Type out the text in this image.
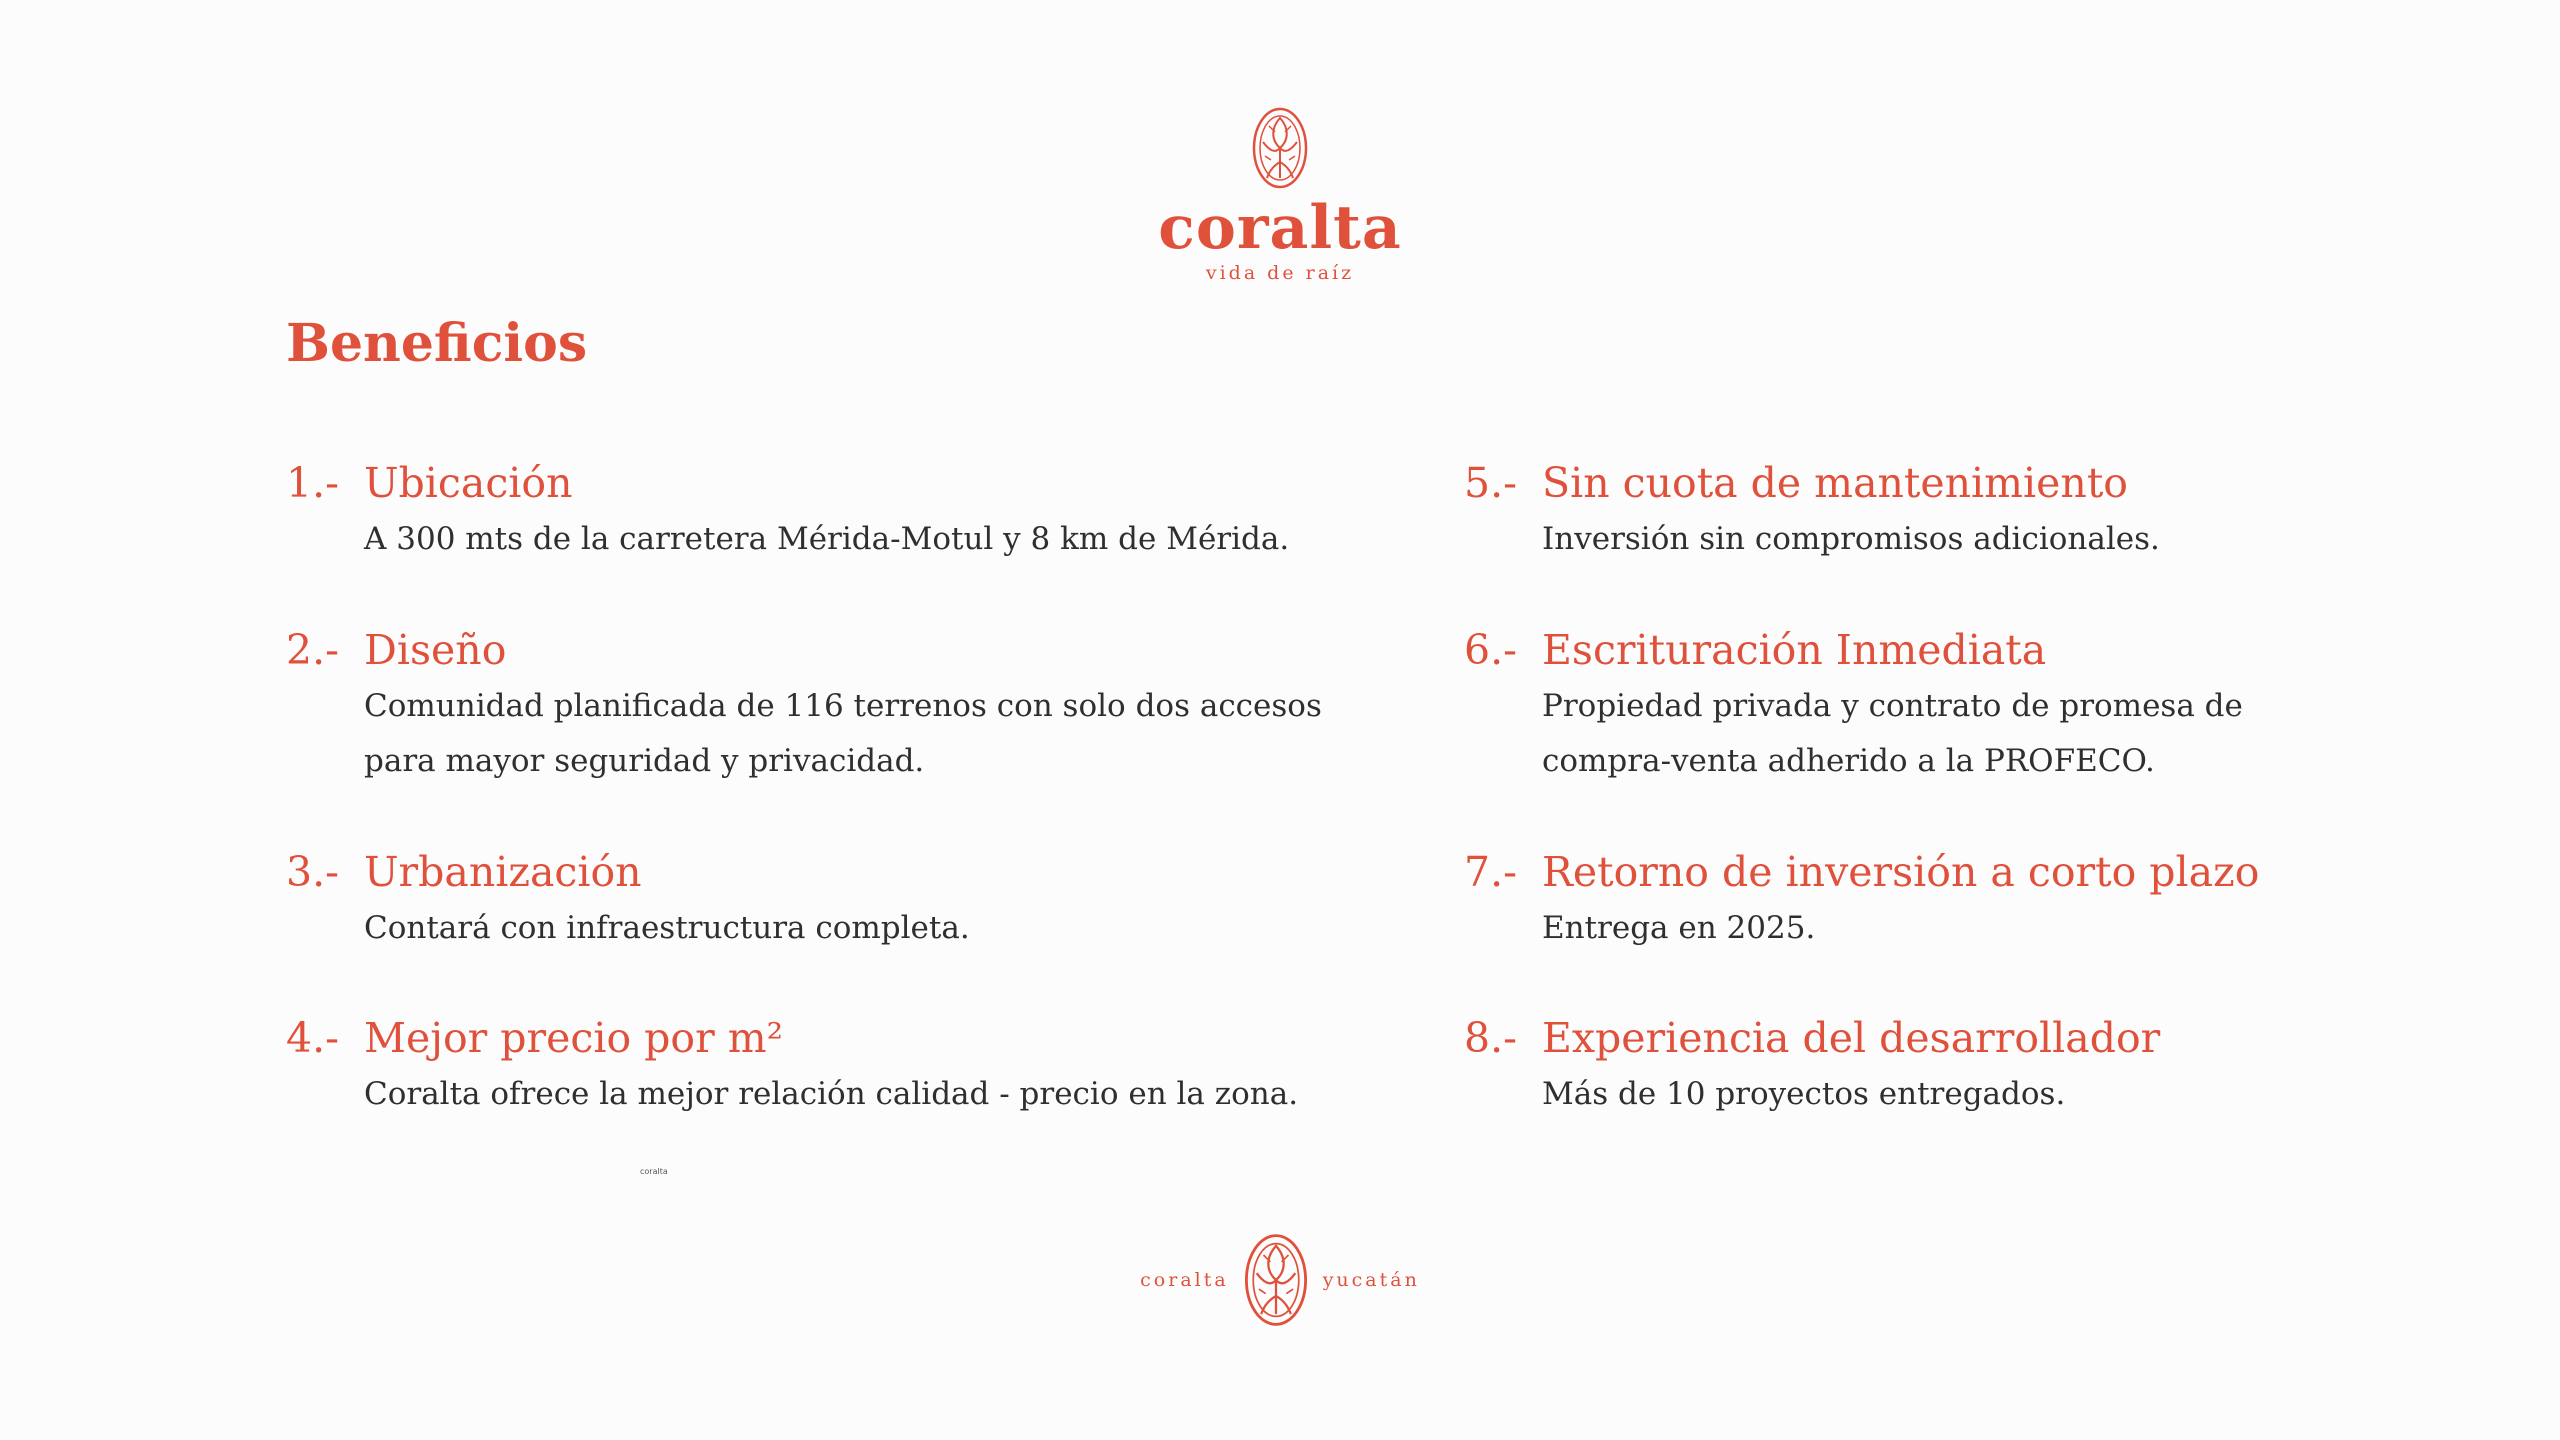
coralta
vida de raíz
Beneficios
1.- Ubicación
A 300 mts de la carretera Mérida-Motul y 8 km de Mérida.
2.- Diseño
Comunidad planificada de 116 terrenos con solo dos accesos para mayor seguridad y privacidad.
3.- Urbanización
Contará con infraestructura completa.
4.- Mejor precio por m²
Coralta ofrece la mejor relación calidad - precio en la zona.
5.- Sin cuota de mantenimiento
Inversión sin compromisos adicionales.
6.- Escrituración Inmediata
Propiedad privada y contrato de promesa de compra-venta adherido a la PROFECO.
7.- Retorno de inversión a corto plazo
Entrega en 2025.
8.- Experiencia del desarrollador
Más de 10 proyectos entregados.
coralta
coralta	yucatán
